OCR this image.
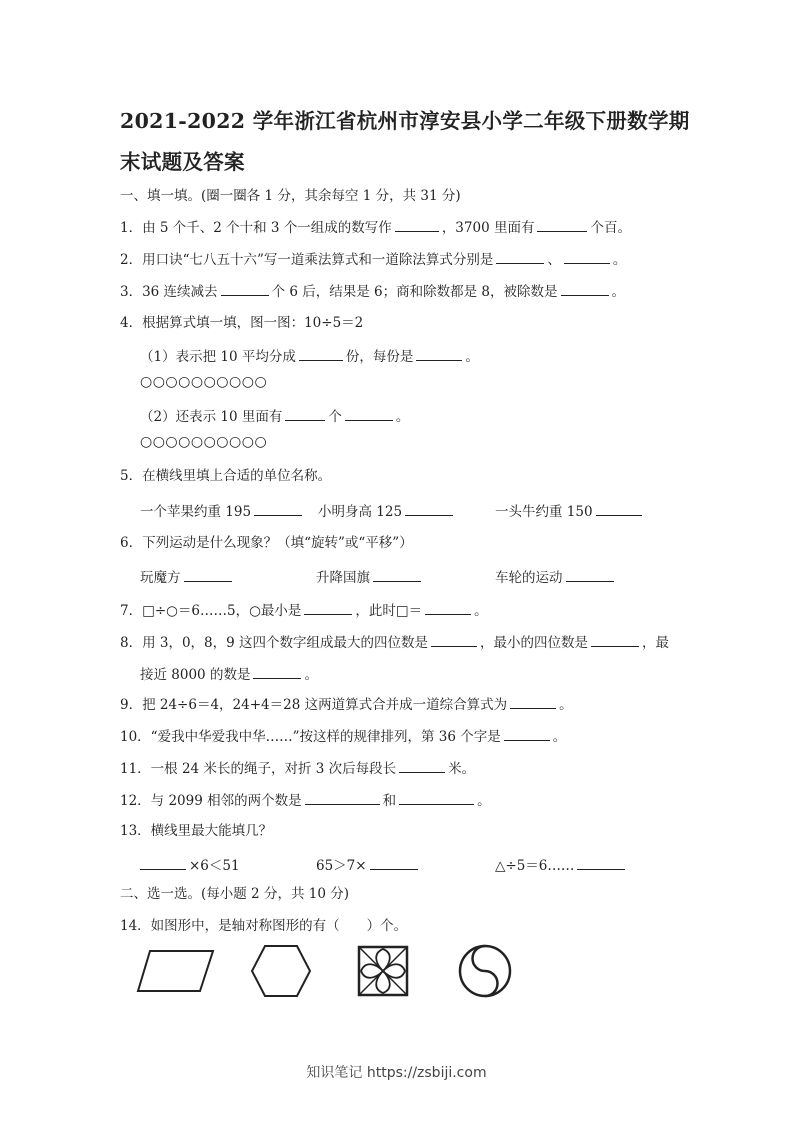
2021-2022 学年浙江省杭州市淳安县小学二年级下册数学期
末试题及答案
一、填一填。(圈一圈各 1 分，其余每空 1 分，共 31 分)
1．由 5 个千、2 个十和 3 个一组成的数写作	，3700 里面有	个百。
2．用口诀“七八五十六”写一道乘法算式和一道除法算式分别是	、	。
3．36 连续减去	个 6 后，结果是 6；商和除数都是 8，被除数是	。
4．根据算式填一填，图一图：10÷5＝2
（1）表示把 10 平均分成	份，每份是	。
○○○○○○○○○○
（2）还表示 10 里面有	个	。
○○○○○○○○○○
5．在横线里填上合适的单位名称。
一个苹果约重 195	小明身高 125	一头牛约重 150
6．下列运动是什么现象？（填“旋转”或“平移”）
玩魔方	升降国旗	车轮的运动
7．□÷○＝6……5，○最小是	，此时□＝	。
8．用 3，0，8，9 这四个数字组成最大的四位数是	，最小的四位数是	，最
接近 8000 的数是	。
9．把 24÷6＝4，24+4＝28 这两道算式合并成一道综合算式为	。
10．“爱我中华爱我中华……”按这样的规律排列，第 36 个字是	。
11．一根 24 米长的绳子，对折 3 次后每段长	米。
12．与 2099 相邻的两个数是	和	。
13．横线里最大能填几？
×6＜51	65＞7×	△÷5＝6……
二、选一选。(每小题 2 分，共 10 分)
14．如图形中，是轴对称图形的有（　　）个。
知识笔记 https://zsbiji.com
